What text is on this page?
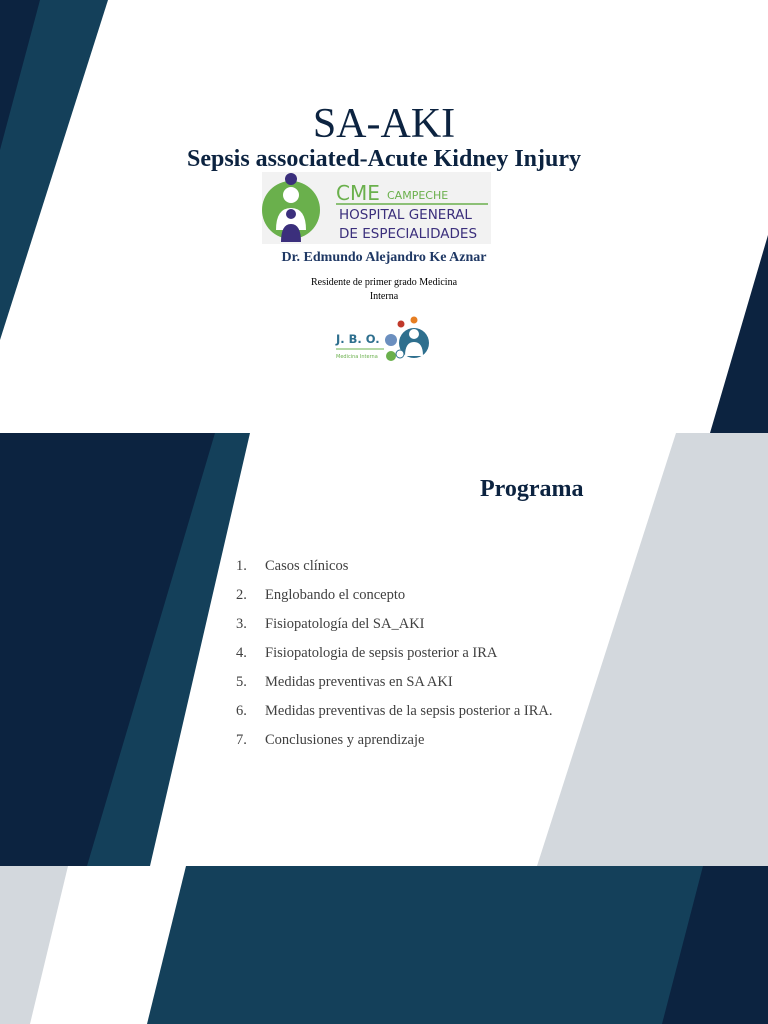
SA-AKI
Sepsis associated-Acute Kidney Injury
CME CAMPECHE
HOSPITAL GENERAL
DE ESPECIALIDADES
Dr. Edmundo Alejandro Ke Aznar
Residente de primer grado Medicina
Interna
J. B. O.
Medicina Interna
Programa
1.	Casos clínicos
2.	Englobando el concepto
3.	Fisiopatología del SA_AKI
4.	Fisiopatologia de sepsis posterior a IRA
5.	Medidas preventivas en SA AKI
6.	Medidas preventivas de la sepsis posterior a IRA.
7.	Conclusiones y aprendizaje
